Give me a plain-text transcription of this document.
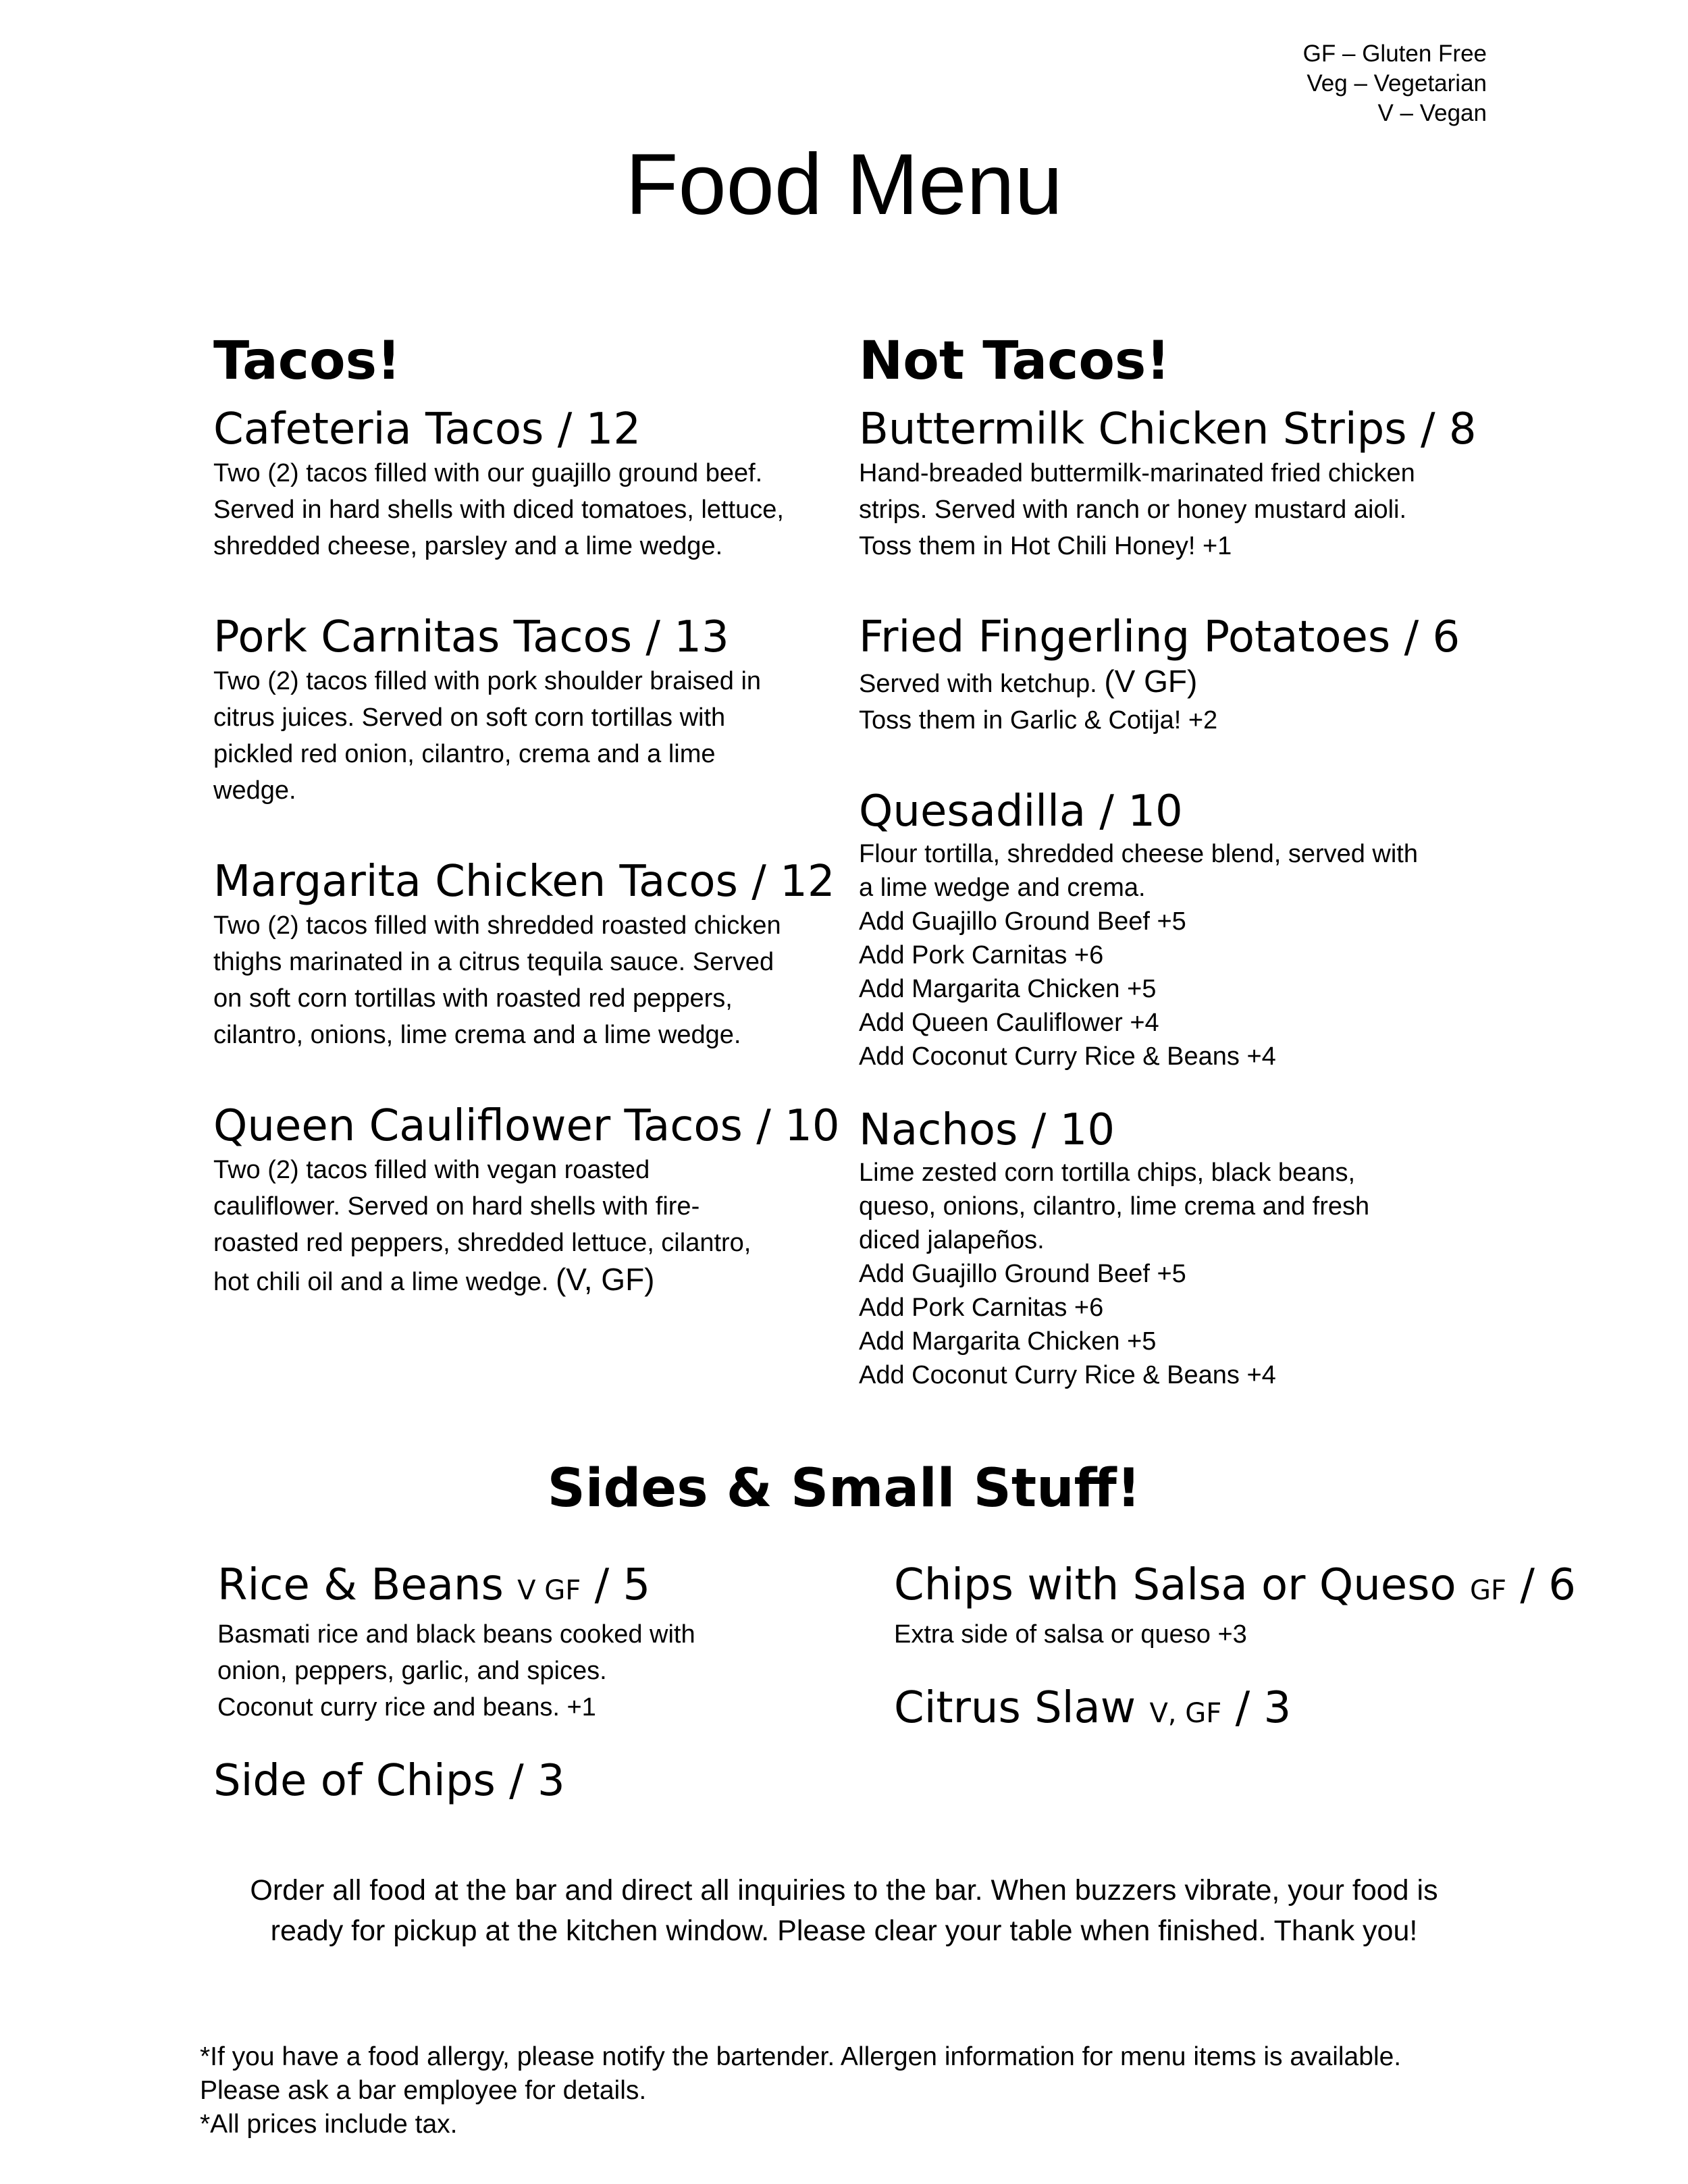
GF – Gluten Free
Veg – Vegetarian
V – Vegan
Food Menu
Tacos!
Cafeteria Tacos / 12
Two (2) tacos filled with our guajillo ground beef.
Served in hard shells with diced tomatoes, lettuce,
shredded cheese, parsley and a lime wedge.
Pork Carnitas Tacos / 13
Two (2) tacos filled with pork shoulder braised in
citrus juices. Served on soft corn tortillas with
pickled red onion, cilantro, crema and a lime
wedge.
Margarita Chicken Tacos / 12
Two (2) tacos filled with shredded roasted chicken
thighs marinated in a citrus tequila sauce. Served
on soft corn tortillas with roasted red peppers,
cilantro, onions, lime crema and a lime wedge.
Queen Cauliflower Tacos / 10
Two (2) tacos filled with vegan roasted
cauliflower. Served on hard shells with fire-
roasted red peppers, shredded lettuce, cilantro,
hot chili oil and a lime wedge. (V, GF)
Not Tacos!
Buttermilk Chicken Strips / 8
Hand-breaded buttermilk-marinated fried chicken
strips. Served with ranch or honey mustard aioli.
Toss them in Hot Chili Honey! +1
Fried Fingerling Potatoes / 6
Served with ketchup. (V GF)
Toss them in Garlic & Cotija! +2
Quesadilla / 10
Flour tortilla, shredded cheese blend, served with
a lime wedge and crema.
Add Guajillo Ground Beef +5
Add Pork Carnitas +6
Add Margarita Chicken +5
Add Queen Cauliflower +4
Add Coconut Curry Rice & Beans +4
Nachos / 10
Lime zested corn tortilla chips, black beans,
queso, onions, cilantro, lime crema and fresh
diced jalapeños.
Add Guajillo Ground Beef +5
Add Pork Carnitas +6
Add Margarita Chicken +5
Add Coconut Curry Rice & Beans +4
Sides & Small Stuff!
Rice & Beans V GF / 5
Basmati rice and black beans cooked with
onion, peppers, garlic, and spices.
Coconut curry rice and beans. +1
Side of Chips / 3
Chips with Salsa or Queso GF / 6
Extra side of salsa or queso +3
Citrus Slaw V, GF / 3
Order all food at the bar and direct all inquiries to the bar. When buzzers vibrate, your food is
ready for pickup at the kitchen window. Please clear your table when finished. Thank you!
*If you have a food allergy, please notify the bartender. Allergen information for menu items is available.
Please ask a bar employee for details.
*All prices include tax.
